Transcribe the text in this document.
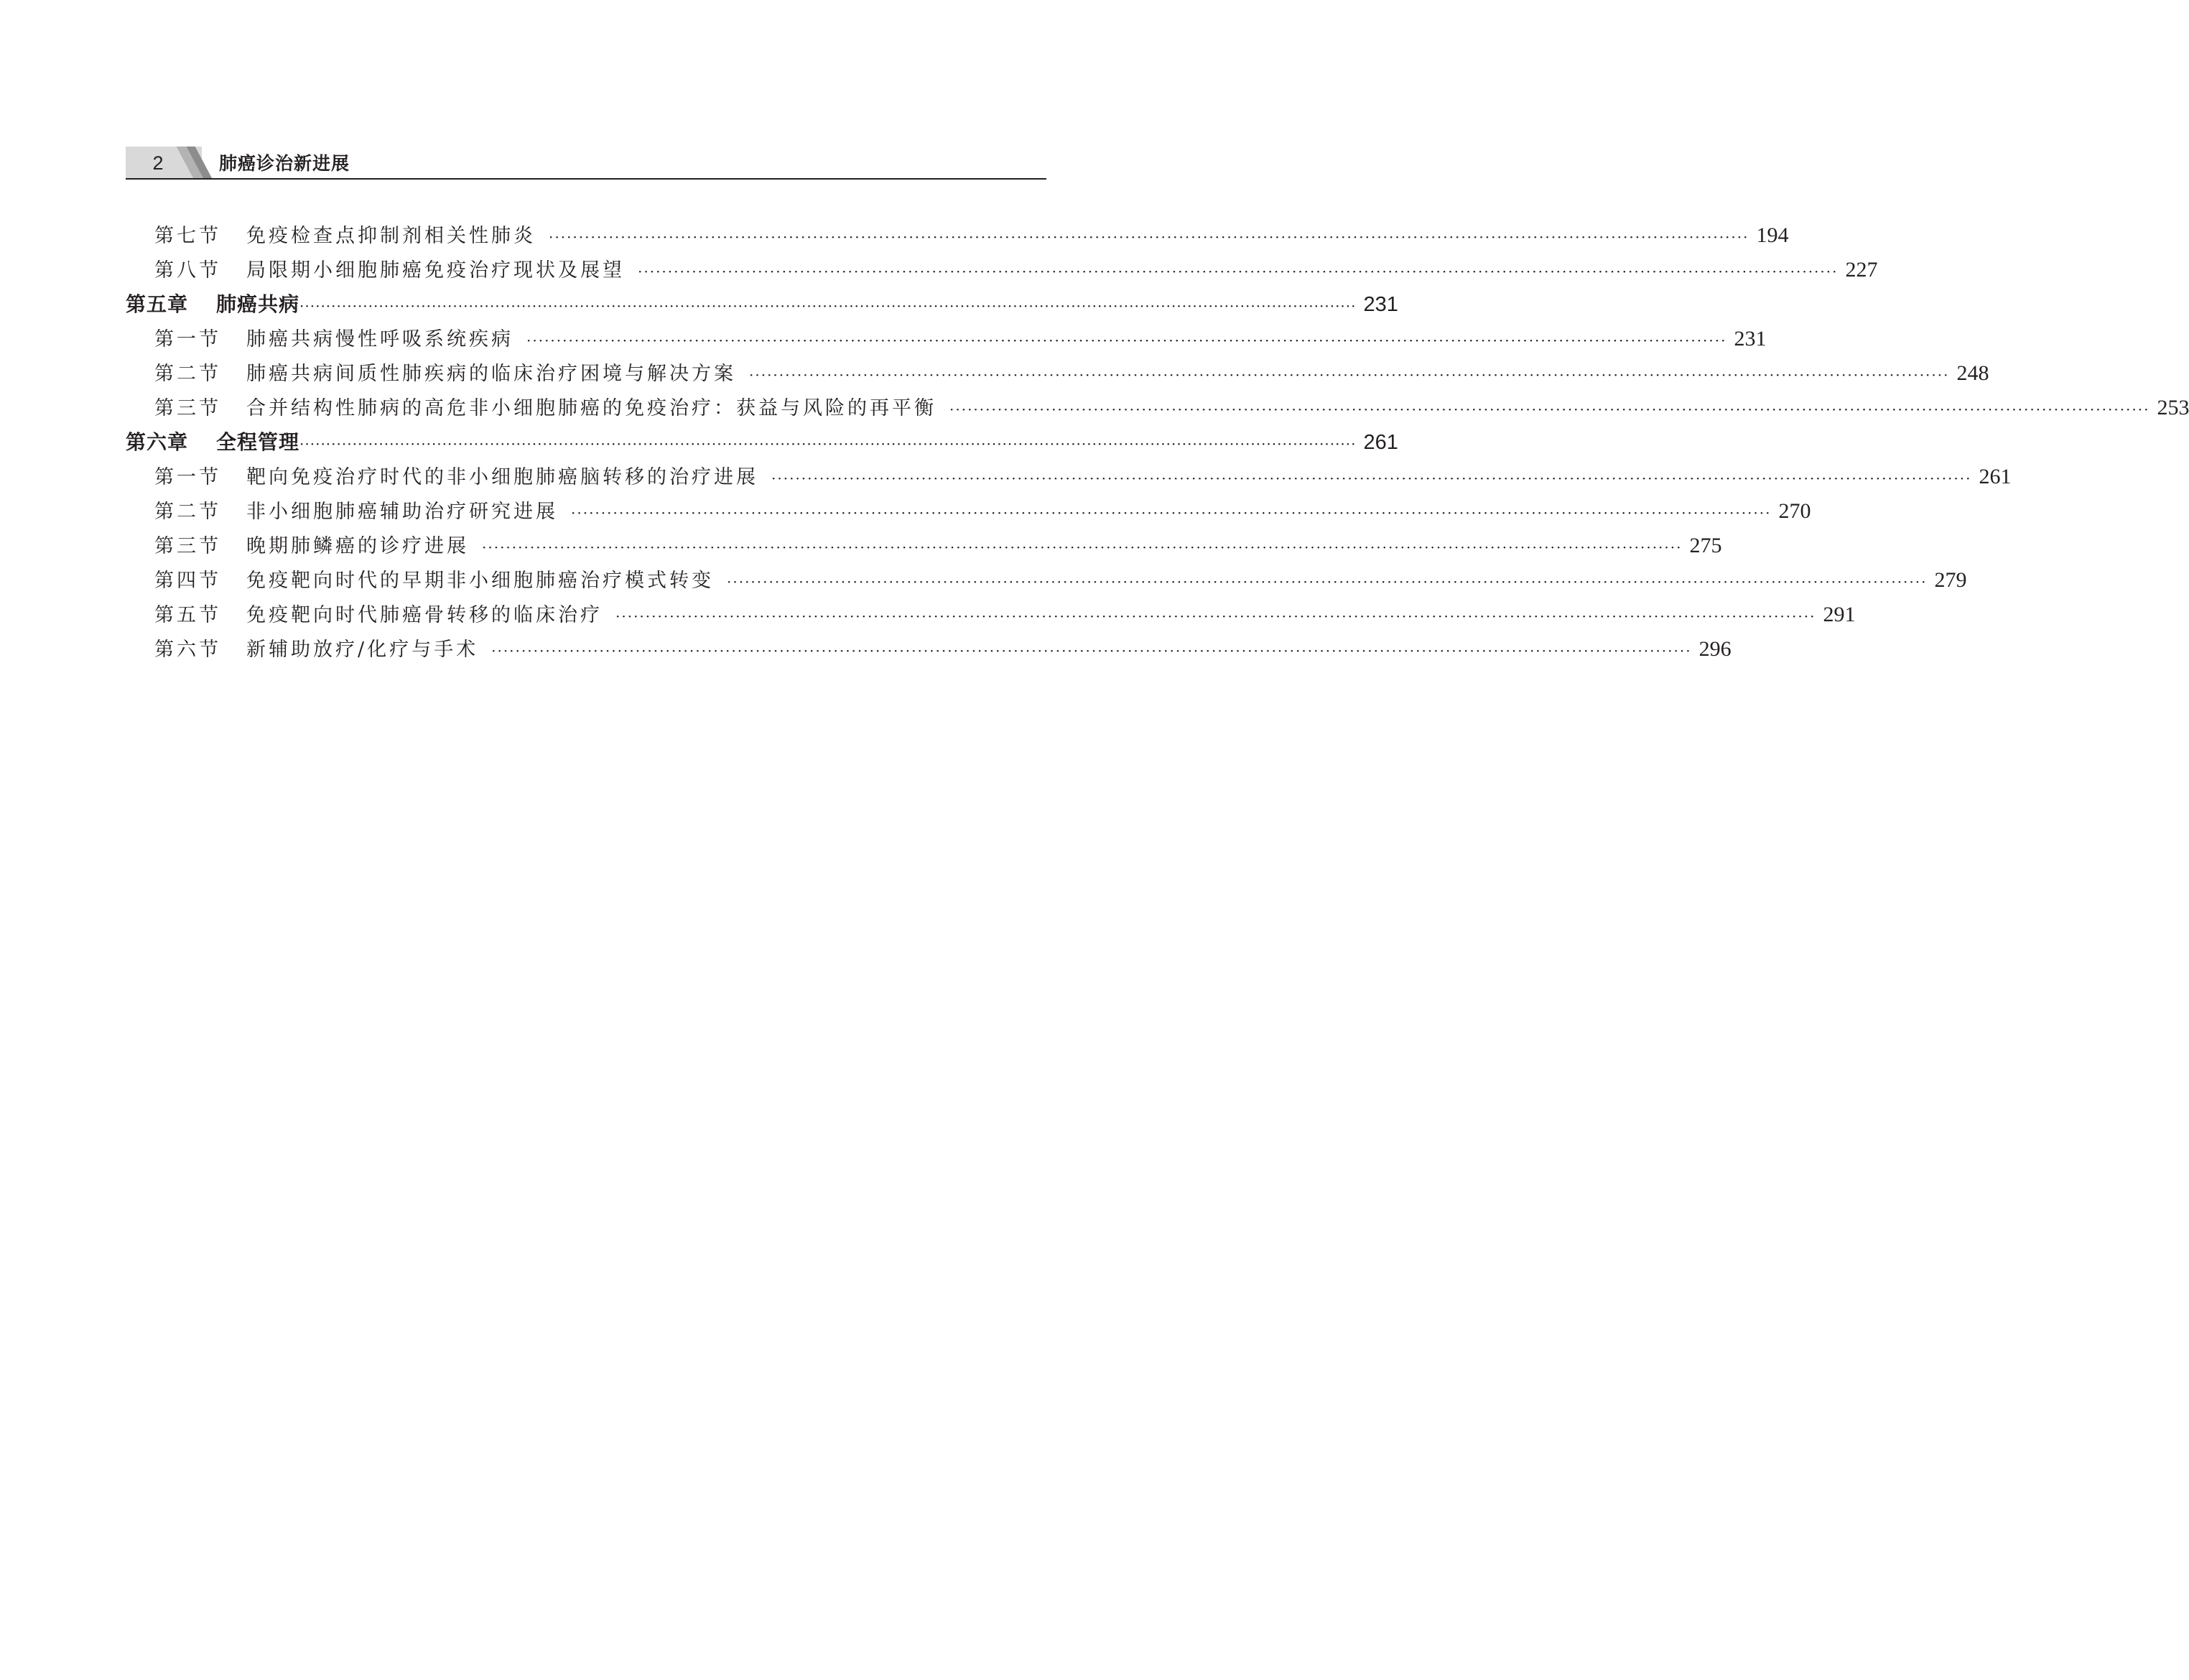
2	肺癌诊治新进展
第七节	免疫检查点抑制剂相关性肺炎 ········································································································································································································ 194
第八节	局限期小细胞肺癌免疫治疗现状及展望 ········································································································································································································ 227
第五章	肺癌共病 ········································································································································································································ 231
第一节	肺癌共病慢性呼吸系统疾病 ········································································································································································································ 231
第二节	肺癌共病间质性肺疾病的临床治疗困境与解决方案 ········································································································································································································ 248
第三节	合并结构性肺病的高危非小细胞肺癌的免疫治疗：获益与风险的再平衡 ········································································································································································································ 253
第六章	全程管理 ········································································································································································································ 261
第一节	靶向免疫治疗时代的非小细胞肺癌脑转移的治疗进展 ········································································································································································································ 261
第二节	非小细胞肺癌辅助治疗研究进展 ········································································································································································································ 270
第三节	晚期肺鳞癌的诊疗进展 ········································································································································································································ 275
第四节	免疫靶向时代的早期非小细胞肺癌治疗模式转变 ········································································································································································································ 279
第五节	免疫靶向时代肺癌骨转移的临床治疗 ········································································································································································································ 291
第六节	新辅助放疗/化疗与手术 ········································································································································································································ 296
